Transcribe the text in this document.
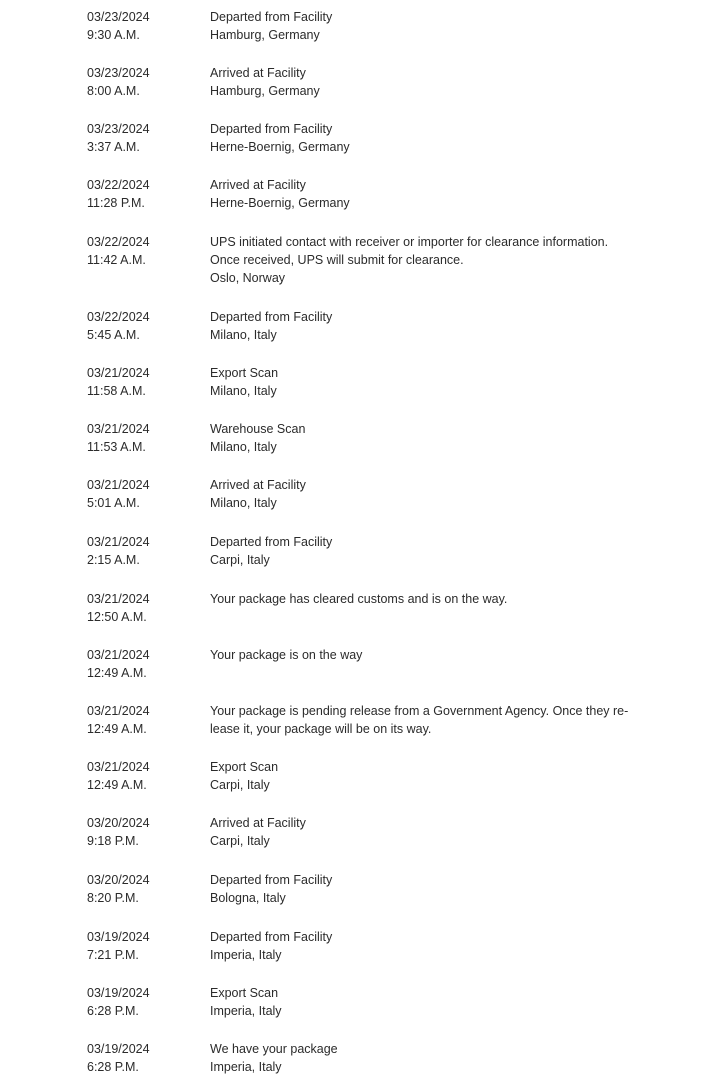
03/23/2024
9:30 A.M.
Departed from Facility
Hamburg, Germany
03/23/2024
8:00 A.M.
Arrived at Facility
Hamburg, Germany
03/23/2024
3:37 A.M.
Departed from Facility
Herne-Boernig, Germany
03/22/2024
11:28 P.M.
Arrived at Facility
Herne-Boernig, Germany
03/22/2024
11:42 A.M.
UPS initiated contact with receiver or importer for clearance information.
Once received, UPS will submit for clearance.
Oslo, Norway
03/22/2024
5:45 A.M.
Departed from Facility
Milano, Italy
03/21/2024
11:58 A.M.
Export Scan
Milano, Italy
03/21/2024
11:53 A.M.
Warehouse Scan
Milano, Italy
03/21/2024
5:01 A.M.
Arrived at Facility
Milano, Italy
03/21/2024
2:15 A.M.
Departed from Facility
Carpi, Italy
03/21/2024
12:50 A.M.
Your package has cleared customs and is on the way.
03/21/2024
12:49 A.M.
Your package is on the way
03/21/2024
12:49 A.M.
Your package is pending release from a Government Agency. Once they re-
lease it, your package will be on its way.
03/21/2024
12:49 A.M.
Export Scan
Carpi, Italy
03/20/2024
9:18 P.M.
Arrived at Facility
Carpi, Italy
03/20/2024
8:20 P.M.
Departed from Facility
Bologna, Italy
03/19/2024
7:21 P.M.
Departed from Facility
Imperia, Italy
03/19/2024
6:28 P.M.
Export Scan
Imperia, Italy
03/19/2024
6:28 P.M.
We have your package
Imperia, Italy
